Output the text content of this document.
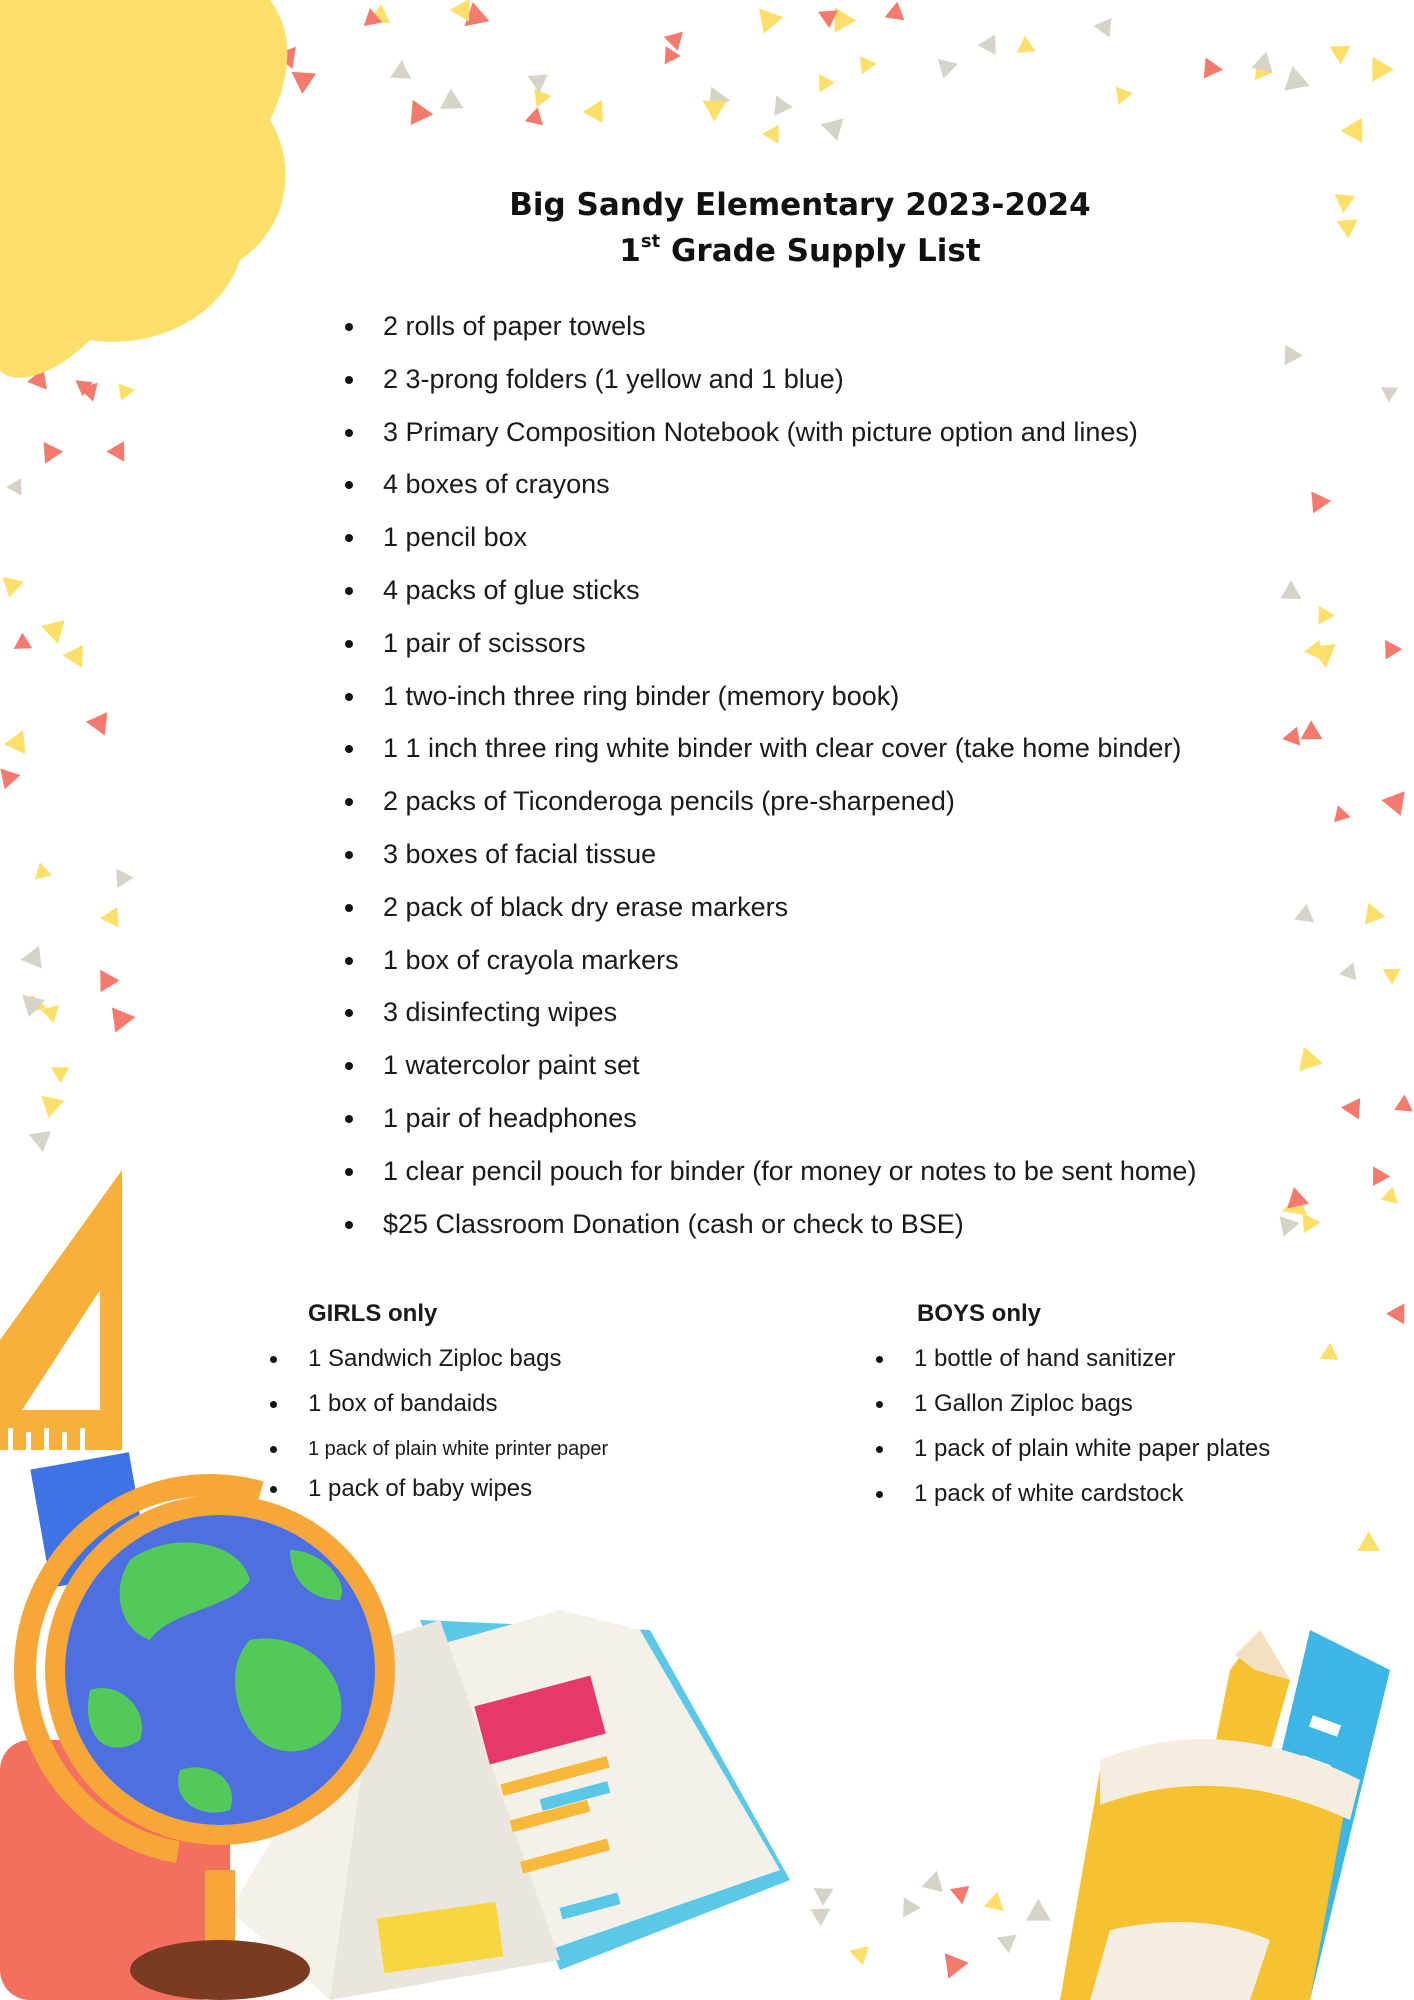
Big Sandy Elementary 2023-2024
1st Grade Supply List
2 rolls of paper towels
2 3-prong folders (1 yellow and 1 blue)
3 Primary Composition Notebook (with picture option and lines)
4 boxes of crayons
1 pencil box
4 packs of glue sticks
1 pair of scissors
1 two-inch three ring binder (memory book)
1 1 inch three ring white binder with clear cover (take home binder)
2 packs of Ticonderoga pencils (pre-sharpened)
3 boxes of facial tissue
2 pack of black dry erase markers
1 box of crayola markers
3 disinfecting wipes
1 watercolor paint set
1 pair of headphones
1 clear pencil pouch for binder (for money or notes to be sent home)
$25 Classroom Donation (cash or check to BSE)
GIRLS only
1 Sandwich Ziploc bags
1 box of bandaids
1 pack of plain white printer paper
1 pack of baby wipes
BOYS only
1 bottle of hand sanitizer
1 Gallon Ziploc bags
1 pack of plain white paper plates
1 pack of white cardstock
